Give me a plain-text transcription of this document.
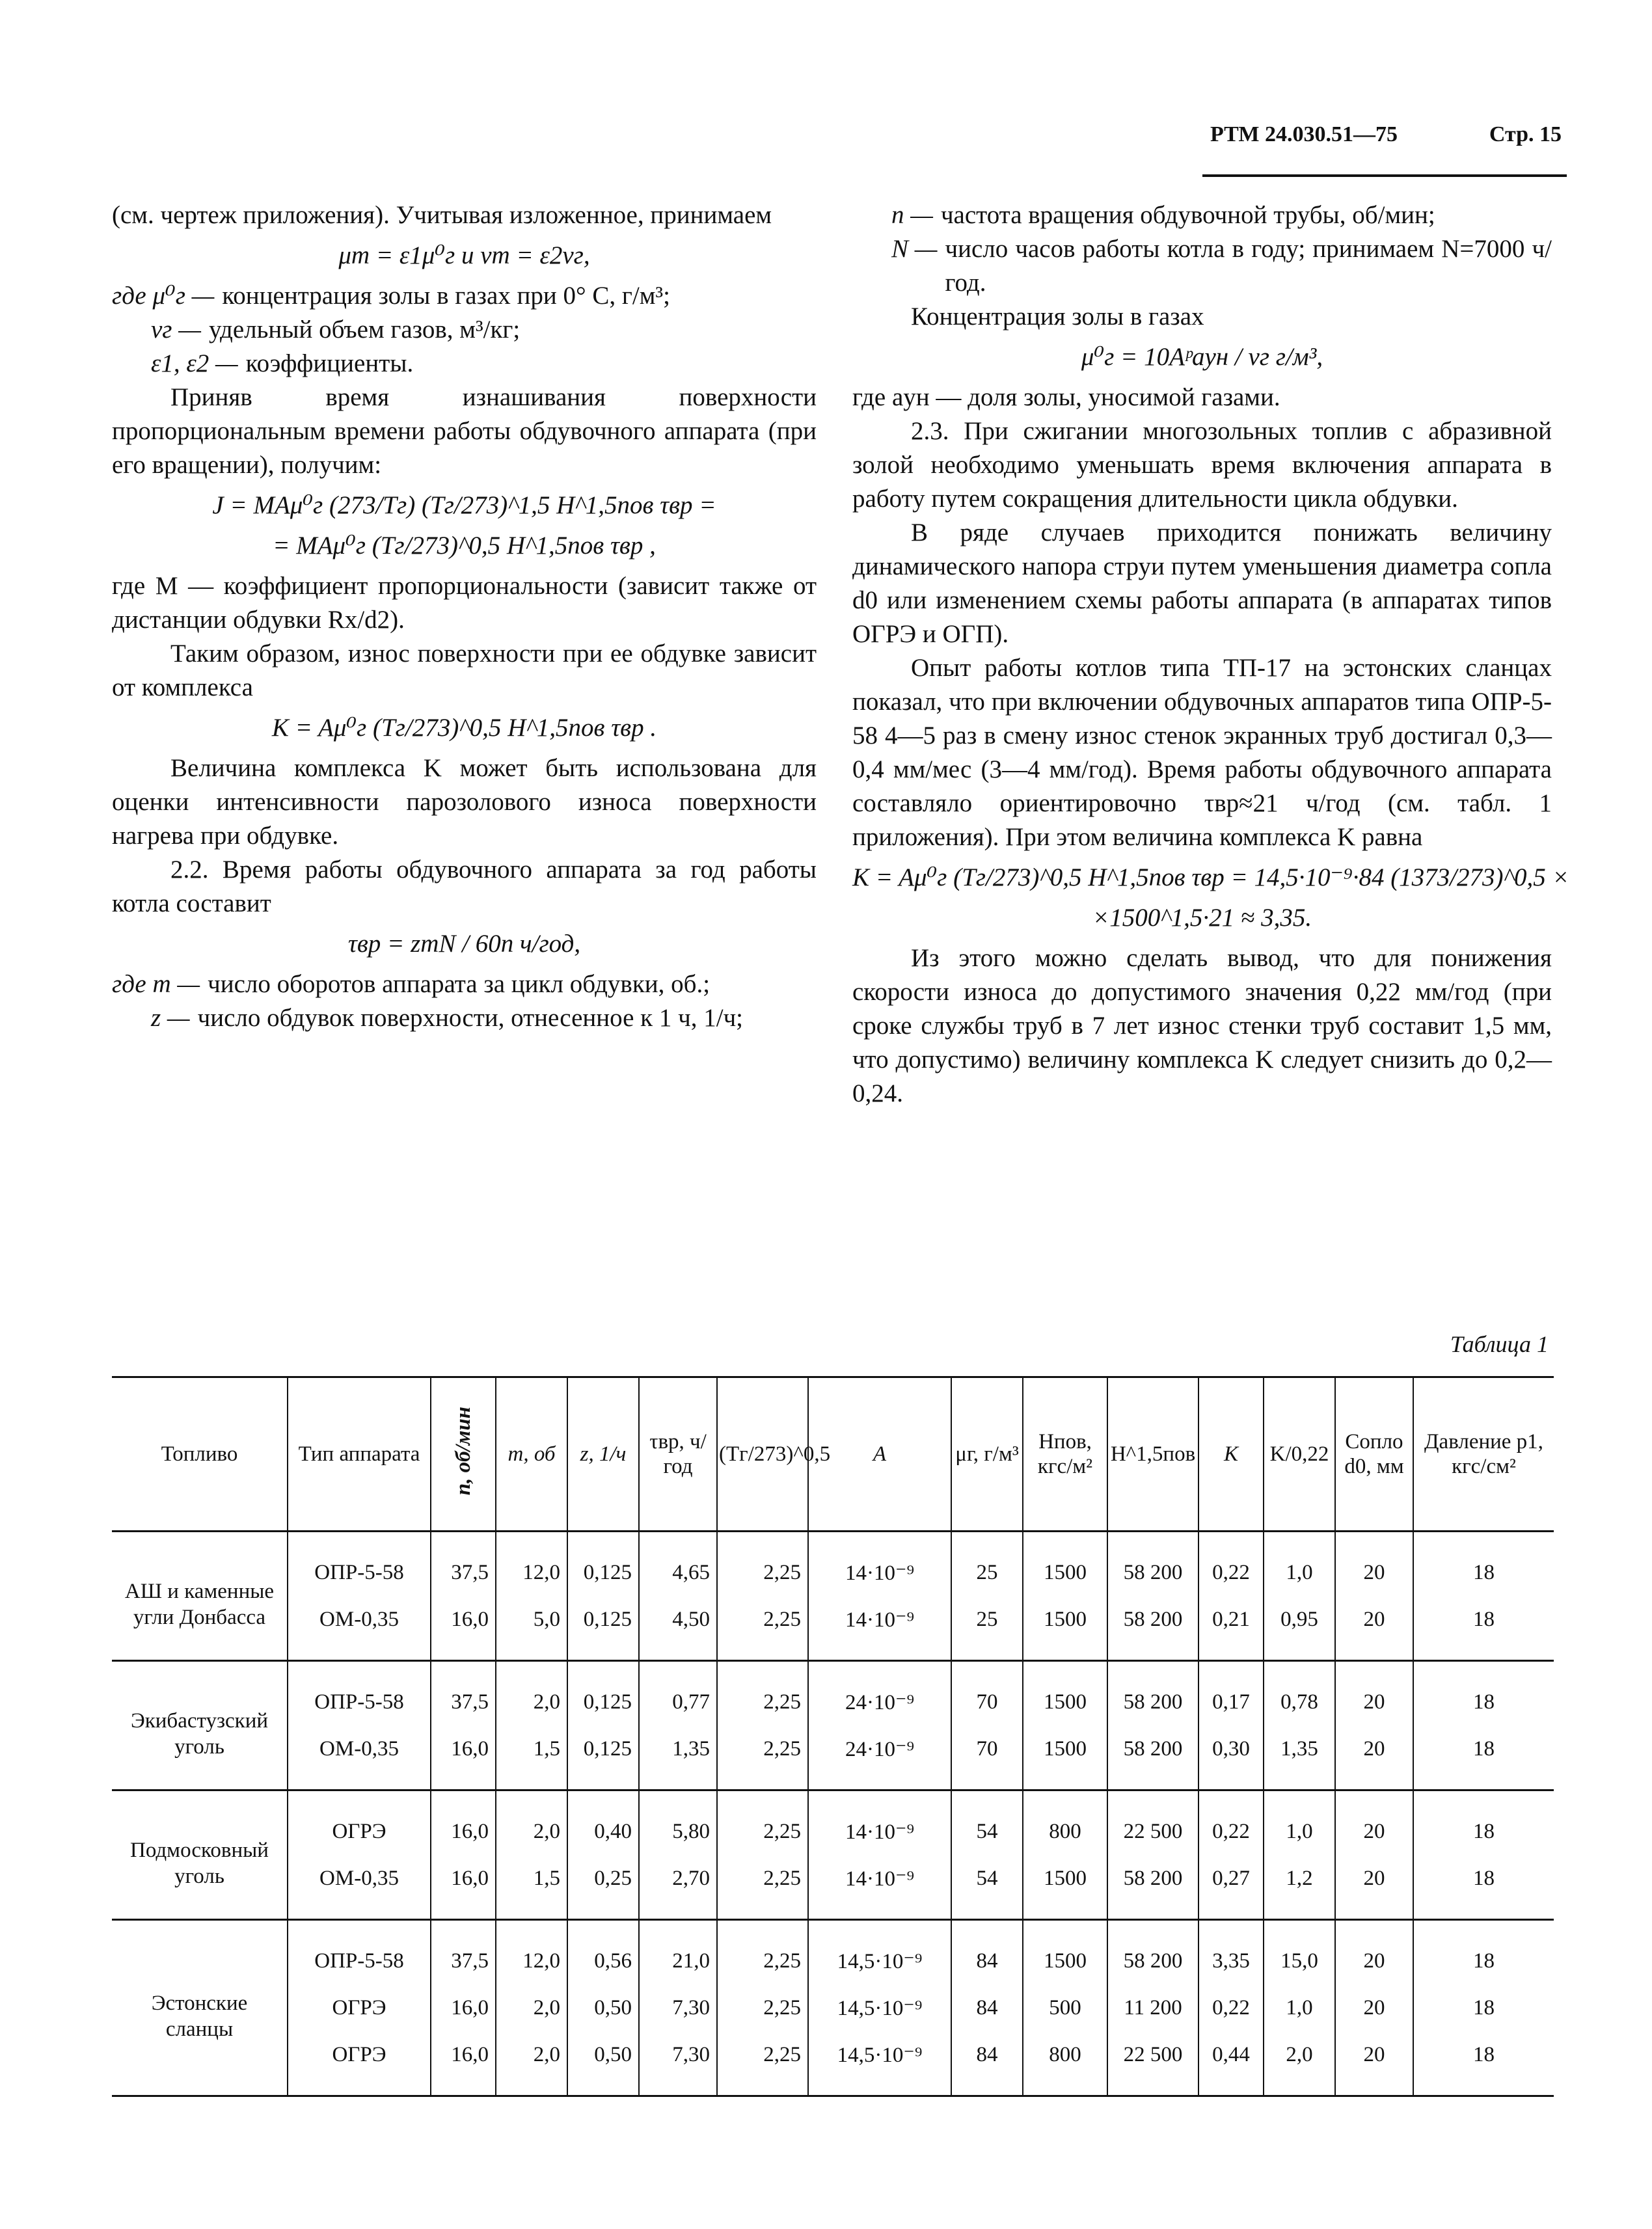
РТМ 24.030.51—75	Стр. 15

(см. чертеж приложения). Учитывая изложенное, принимаем

μm = ε1μ⁰г и vm = ε2vг,
где μ⁰г — концентрация золы в газах при 0° С, г/м³;
vг — удельный объем газов, м³/кг;
ε1, ε2 — коэффициенты.

Приняв время изнашивания поверхности пропорциональным времени работы обдувочного аппарата (при его вращении), получим:

J = MAμ⁰г (273/Tг) (Tг/273)^1,5 H^1,5пов τвр =
= MAμ⁰г (Tг/273)^0,5 H^1,5пов τвр ,

где M — коэффициент пропорциональности (зависит также от дистанции обдувки Rx/d2).

Таким образом, износ поверхности при ее обдувке зависит от комплекса

K = Aμ⁰г (Tг/273)^0,5 H^1,5пов τвр .

Величина комплекса K может быть использована для оценки интенсивности парозолового износа поверхности нагрева при обдувке.

2.2. Время работы обдувочного аппарата за год работы котла составит

τвр = zmN / 60n ч/год,
где m — число оборотов аппарата за цикл обдувки, об.;
z — число обдувок поверхности, отнесенное к 1 ч, 1/ч;
n — частота вращения обдувочной трубы, об/мин;
N — число часов работы котла в году; принимаем N=7000 ч/год.

Концентрация золы в газах

μ⁰г = 10Aᵖaун / vг г/м³,

где aун — доля золы, уносимой газами.

2.3. При сжигании многозольных топлив с абразивной золой необходимо уменьшать время включения аппарата в работу путем сокращения длительности цикла обдувки.

В ряде случаев приходится понижать величину динамического напора струи путем уменьшения диаметра сопла d0 или изменением схемы работы аппарата (в аппаратах типов ОГРЭ и ОГП).

Опыт работы котлов типа ТП-17 на эстонских сланцах показал, что при включении обдувочных аппаратов типа ОПР-5-58 4—5 раз в смену износ стенок экранных труб достигал 0,3—0,4 мм/мес (3—4 мм/год). Время работы обдувочного аппарата составляло ориентировочно τвр≈21 ч/год (см. табл. 1 приложения). При этом величина комплекса K равна

K = Aμ⁰г (Tг/273)^0,5 H^1,5пов τвр = 14,5·10⁻⁹·84 (1373/273)^0,5 ×
×1500^1,5·21 ≈ 3,35.

Из этого можно сделать вывод, что для понижения скорости износа до допустимого значения 0,22 мм/год (при сроке службы труб в 7 лет износ стенки труб составит 1,5 мм, что допустимо) величину комплекса K следует снизить до 0,2—0,24.

Таблица 1
Топливо	Тип аппарата	n, об/мин	m, об	z, 1/ч	τвр, ч/год	(Tг/273)^0,5	A	μг, г/м³	Hпов, кгс/м²	H^1,5пов	K	K/0,22	Сопло d0, мм	Давление p1, кгс/см²
АШ и каменные угли Донбасса	ОПР-5-58	37,5	12,0	0,125	4,65	2,25	14·10⁻⁹	25	1500	58 200	0,22	1,0	20	18
	ОМ-0,35	16,0	5,0	0,125	4,50	2,25	14·10⁻⁹	25	1500	58 200	0,21	0,95	20	18
Экибастузский уголь	ОПР-5-58	37,5	2,0	0,125	0,77	2,25	24·10⁻⁹	70	1500	58 200	0,17	0,78	20	18
	ОМ-0,35	16,0	1,5	0,125	1,35	2,25	24·10⁻⁹	70	1500	58 200	0,30	1,35	20	18
Подмосковный уголь	ОГРЭ	16,0	2,0	0,40	5,80	2,25	14·10⁻⁹	54	800	22 500	0,22	1,0	20	18
	ОМ-0,35	16,0	1,5	0,25	2,70	2,25	14·10⁻⁹	54	1500	58 200	0,27	1,2	20	18
Эстонские сланцы	ОПР-5-58	37,5	12,0	0,56	21,0	2,25	14,5·10⁻⁹	84	1500	58 200	3,35	15,0	20	18
	ОГРЭ	16,0	2,0	0,50	7,30	2,25	14,5·10⁻⁹	84	500	11 200	0,22	1,0	20	18
	ОГРЭ	16,0	2,0	0,50	7,30	2,25	14,5·10⁻⁹	84	800	22 500	0,44	2,0	20	18
